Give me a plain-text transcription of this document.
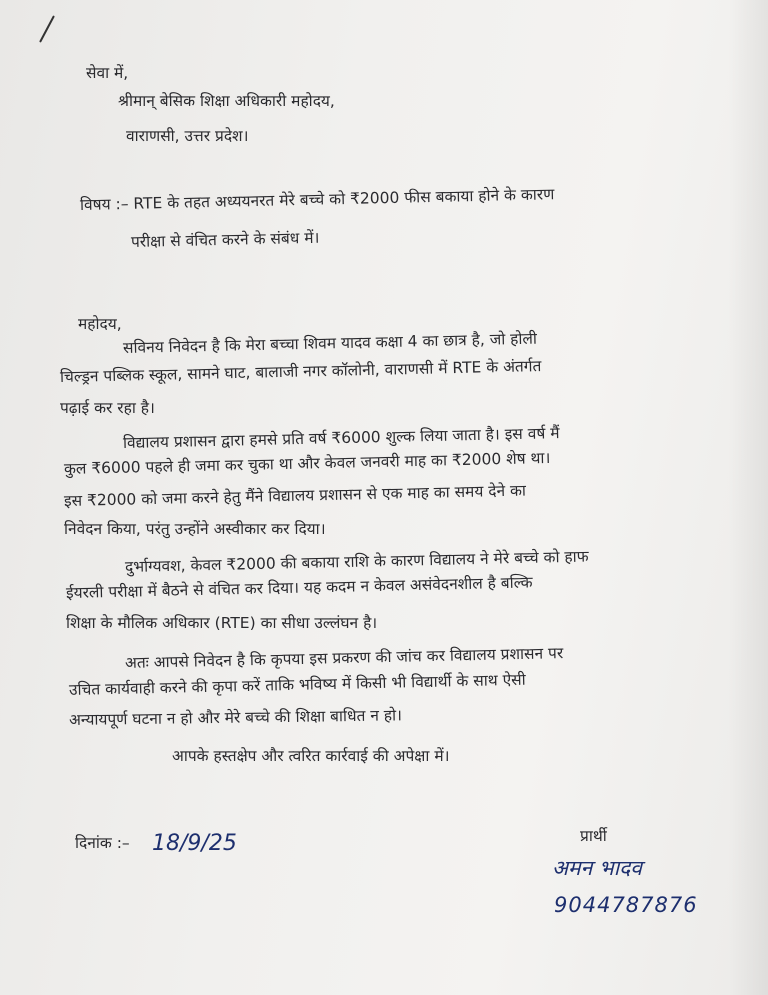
सेवा में,
श्रीमान् बेसिक शिक्षा अधिकारी महोदय,
वाराणसी, उत्तर प्रदेश।
विषय :– RTE के तहत अध्ययनरत मेरे बच्चे को ₹2000 फीस बकाया होने के कारण
परीक्षा से वंचित करने के संबंध में।
महोदय,
सविनय निवेदन है कि मेरा बच्चा शिवम यादव कक्षा 4 का छात्र है, जो होली
चिल्ड्रन पब्लिक स्कूल, सामने घाट, बालाजी नगर कॉलोनी, वाराणसी में RTE के अंतर्गत
पढ़ाई कर रहा है।
विद्यालय प्रशासन द्वारा हमसे प्रति वर्ष ₹6000 शुल्क लिया जाता है। इस वर्ष मैं
कुल ₹6000 पहले ही जमा कर चुका था और केवल जनवरी माह का ₹2000 शेष था।
इस ₹2000 को जमा करने हेतु मैंने विद्यालय प्रशासन से एक माह का समय देने का
निवेदन किया, परंतु उन्होंने अस्वीकार कर दिया।
दुर्भाग्यवश, केवल ₹2000 की बकाया राशि के कारण विद्यालय ने मेरे बच्चे को हाफ
ईयरली परीक्षा में बैठने से वंचित कर दिया। यह कदम न केवल असंवेदनशील है बल्कि
शिक्षा के मौलिक अधिकार (RTE) का सीधा उल्लंघन है।
अतः आपसे निवेदन है कि कृपया इस प्रकरण की जांच कर विद्यालय प्रशासन पर
उचित कार्यवाही करने की कृपा करें ताकि भविष्य में किसी भी विद्यार्थी के साथ ऐसी
अन्यायपूर्ण घटना न हो और मेरे बच्चे की शिक्षा बाधित न हो।
आपके हस्तक्षेप और त्वरित कार्रवाई की अपेक्षा में।
दिनांक :– 18/9/25	प्रार्थी
अमन भादव
9044787876
